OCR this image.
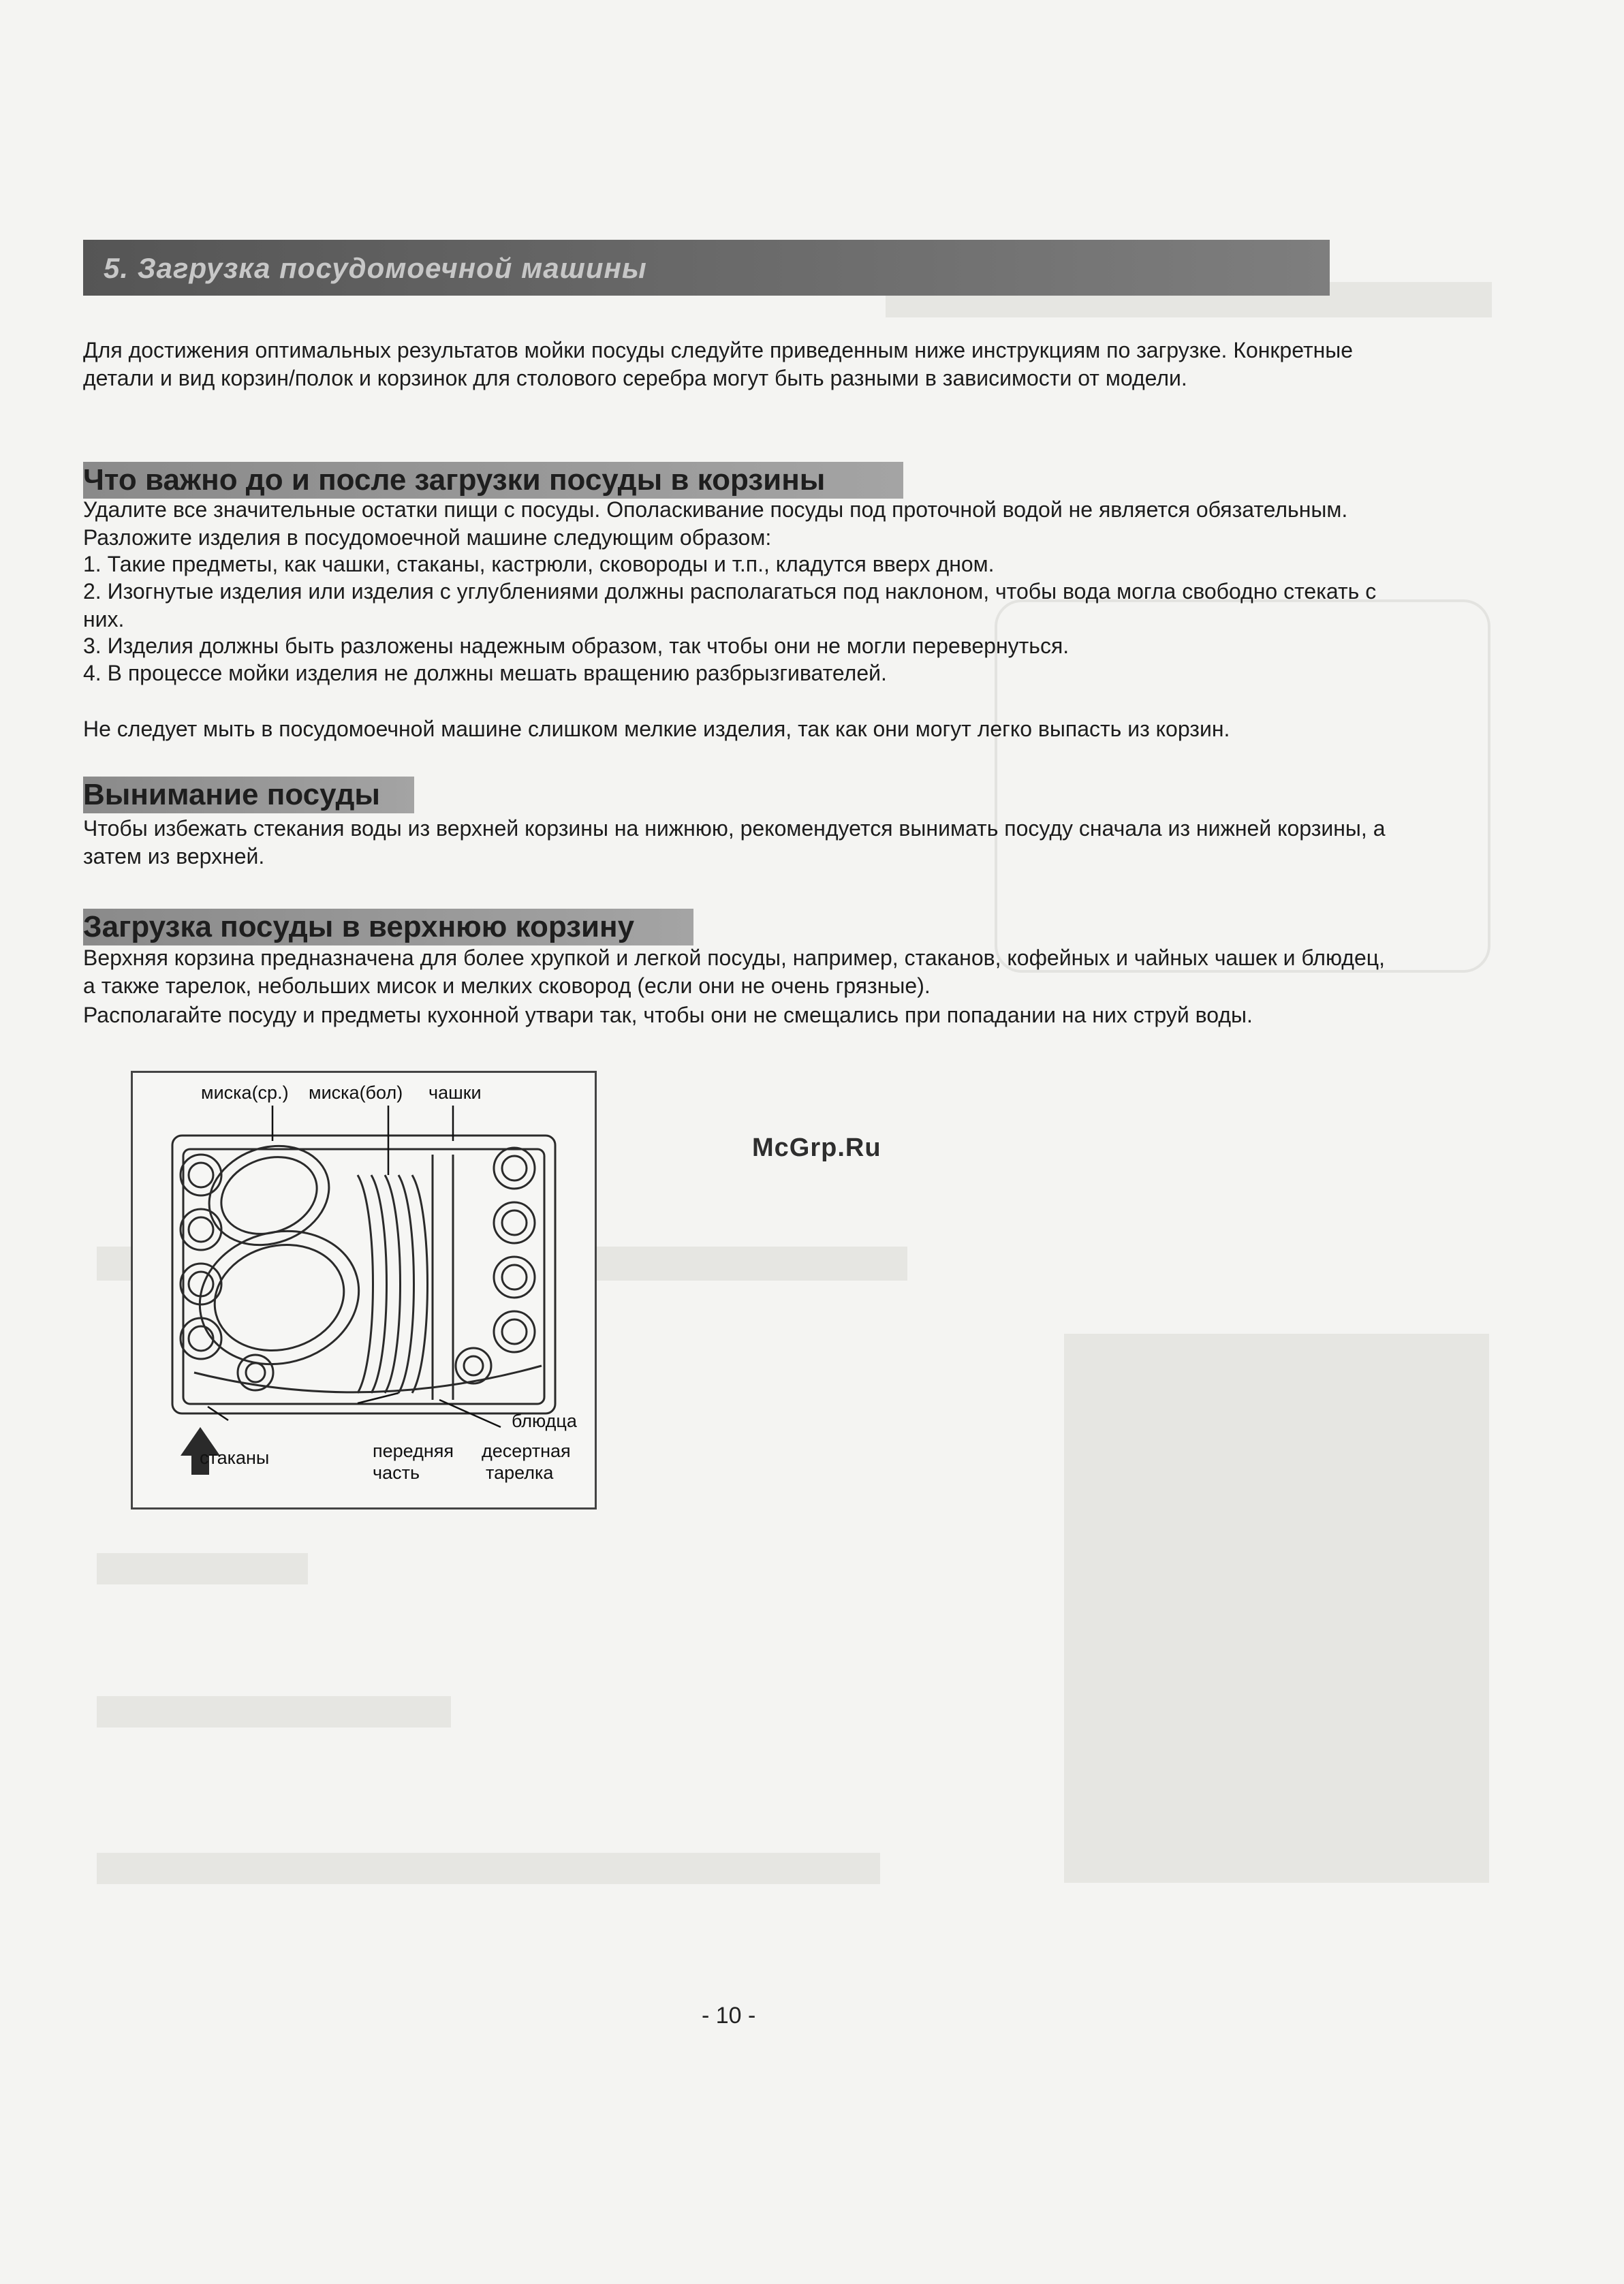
5. Загрузка посудомоечной машины

Для достижения оптимальных результатов мойки посуды следуйте приведенным ниже инструкциям по загрузке. Конкретные детали и вид корзин/полок и корзинок для столового серебра могут быть разными в зависимости от модели.

Что важно до и после загрузки посуды в корзины

Удалите все значительные остатки пищи с посуды. Ополаскивание посуды под проточной водой не является обязательным. Разложите изделия в посудомоечной машине следующим образом:

1. Такие предметы, как чашки, стаканы, кастрюли, сковороды и т.п., кладутся вверх дном.

2. Изогнутые изделия или изделия с углублениями должны располагаться под наклоном, чтобы вода могла свободно стекать с них.

3. Изделия должны быть разложены надежным образом, так чтобы они не могли перевернуться.

4. В процессе мойки изделия не должны мешать вращению разбрызгивателей.

Не следует мыть в посудомоечной машине слишком мелкие изделия, так как они могут легко выпасть из корзин.

Вынимание посуды

Чтобы избежать стекания воды из верхней корзины на нижнюю, рекомендуется вынимать посуду сначала из нижней корзины, а затем из верхней.

Загрузка посуды в верхнюю корзину

Верхняя корзина предназначена для более хрупкой и легкой посуды, например, стаканов, кофейных и чайных чашек и блюдец, а также тарелок, небольших мисок и мелких сковород (если они не очень грязные).

Располагайте посуду и предметы кухонной утвари так, чтобы они не смещались при попадании на них струй воды.

миска(ср.) миска(бол) чашки
блюдца
стаканы	передняя
часть
десертная
тарелка
McGrp.Ru
- 10 -
